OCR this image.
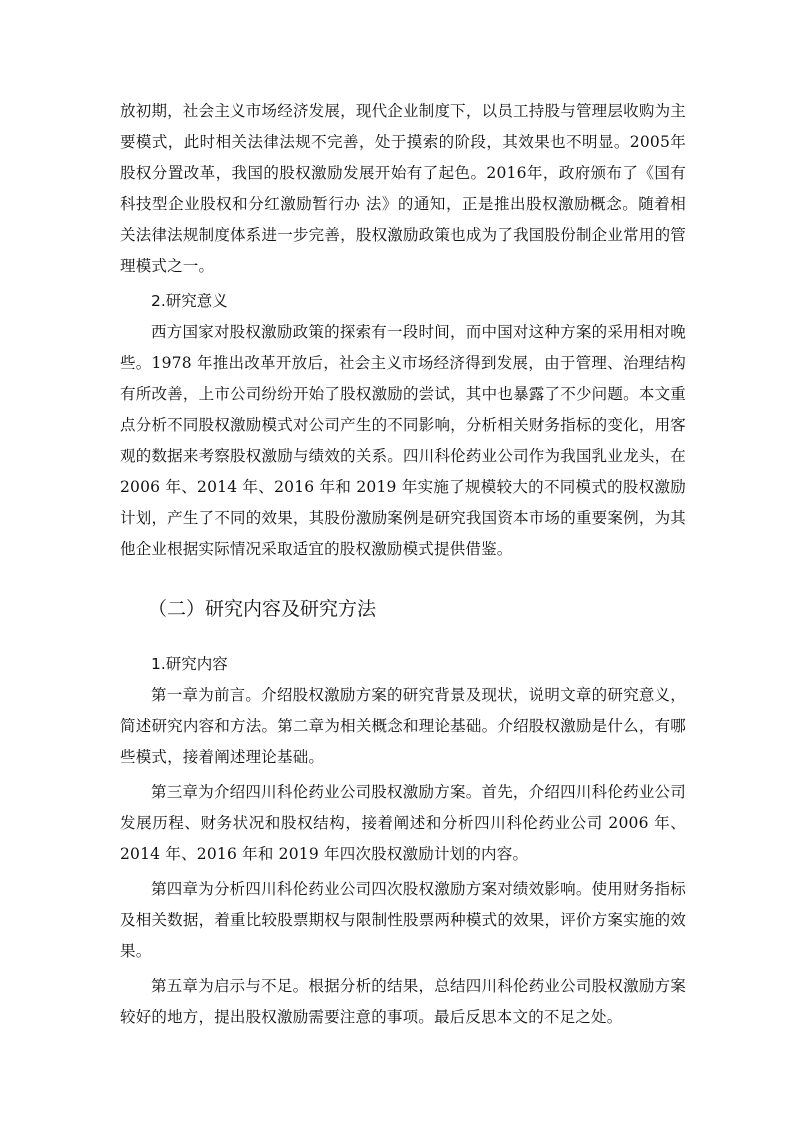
放初期，社会主义市场经济发展，现代企业制度下，以员工持股与管理层收购为主要模式，此时相关法律法规不完善，处于摸索的阶段，其效果也不明显。2005年股权分置改革，我国的股权激励发展开始有了起色。2016年，政府颁布了《国有科技型企业股权和分红激励暂行办 法》的通知，正是推出股权激励概念。随着相关法律法规制度体系进一步完善，股权激励政策也成为了我国股份制企业常用的管理模式之一。

2.研究意义

西方国家对股权激励政策的探索有一段时间，而中国对这种方案的采用相对晚些。1978 年推出改革开放后，社会主义市场经济得到发展，由于管理、治理结构有所改善，上市公司纷纷开始了股权激励的尝试，其中也暴露了不少问题。本文重点分析不同股权激励模式对公司产生的不同影响，分析相关财务指标的变化，用客观的数据来考察股权激励与绩效的关系。四川科伦药业公司作为我国乳业龙头，在 2006 年、2014 年、2016 年和 2019 年实施了规模较大的不同模式的股权激励计划，产生了不同的效果，其股份激励案例是研究我国资本市场的重要案例，为其他企业根据实际情况采取适宜的股权激励模式提供借鉴。

（二）研究内容及研究方法

1.研究内容

第一章为前言。介绍股权激励方案的研究背景及现状，说明文章的研究意义，简述研究内容和方法。第二章为相关概念和理论基础。介绍股权激励是什么，有哪些模式，接着阐述理论基础。

第三章为介绍四川科伦药业公司股权激励方案。首先，介绍四川科伦药业公司发展历程、财务状况和股权结构，接着阐述和分析四川科伦药业公司 2006 年、2014 年、2016 年和 2019 年四次股权激励计划的内容。

第四章为分析四川科伦药业公司四次股权激励方案对绩效影响。使用财务指标及相关数据，着重比较股票期权与限制性股票两种模式的效果，评价方案实施的效果。

第五章为启示与不足。根据分析的结果，总结四川科伦药业公司股权激励方案较好的地方，提出股权激励需要注意的事项。最后反思本文的不足之处。
